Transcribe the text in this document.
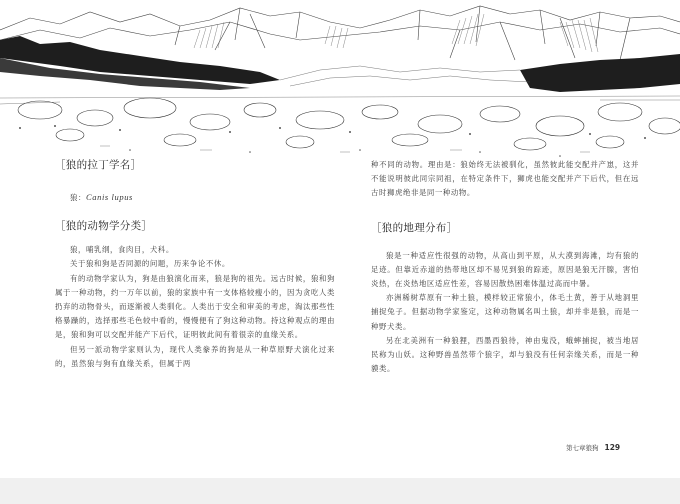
［狼的拉丁学名］

狼：Canis lupus

［狼的动物学分类］

狼，哺乳纲，食肉目，犬科。

关于狼和狗是否同源的问题，历来争论不休。

有的动物学家认为，狗是由狼演化而来，狼是狗的祖先。远古时候，狼和狗属于一种动物，约一万年以前，狼的家族中有一支体格较瘦小的，因为贪吃人类扔弃的动物骨头，而逐渐被人类驯化。人类出于安全和审美的考虑，淘汰那些性格暴躁的，选择那些毛色较中看的，慢慢便有了狗这种动物。持这种观点的理由是，狼和狗可以交配并能产下后代，证明彼此间有着很亲的血缘关系。

但另一派动物学家则认为，现代人类豢养的狗是从一种草原野犬演化过来的，虽然狼与狗有血缘关系，但属于两

种不同的动物。理由是：狼始终无法被驯化，虽然彼此能交配并产崽，这并不能说明彼此同宗同祖，在特定条件下，狮虎也能交配并产下后代，但在远古时狮虎绝非是同一种动物。

［狼的地理分布］

狼是一种适应性很强的动物，从高山到平原，从大漠到海滩，均有狼的足迹。但靠近赤道的热带地区却不易见到狼的踪迹，原因是狼无汗腺，害怕炎热，在炎热地区适应性差，容易因散热困难体温过高而中暑。

亦洲稀树草原有一种土狼，模样较正常狼小，体毛土黄，善于从地洞里捕捉兔子。但据动物学家鉴定，这种动物属名叫土狼，却并非是狼，而是一种野犬类。

另在北美洲有一种狼狸，西墨西狼待，神由鬼没，蛾蟀捕捉，被当地居民称为山妖。这种野兽虽然带个狼字，却与狼没有任何亲缘关系，而是一种貘类。

第七章狼狗 129
